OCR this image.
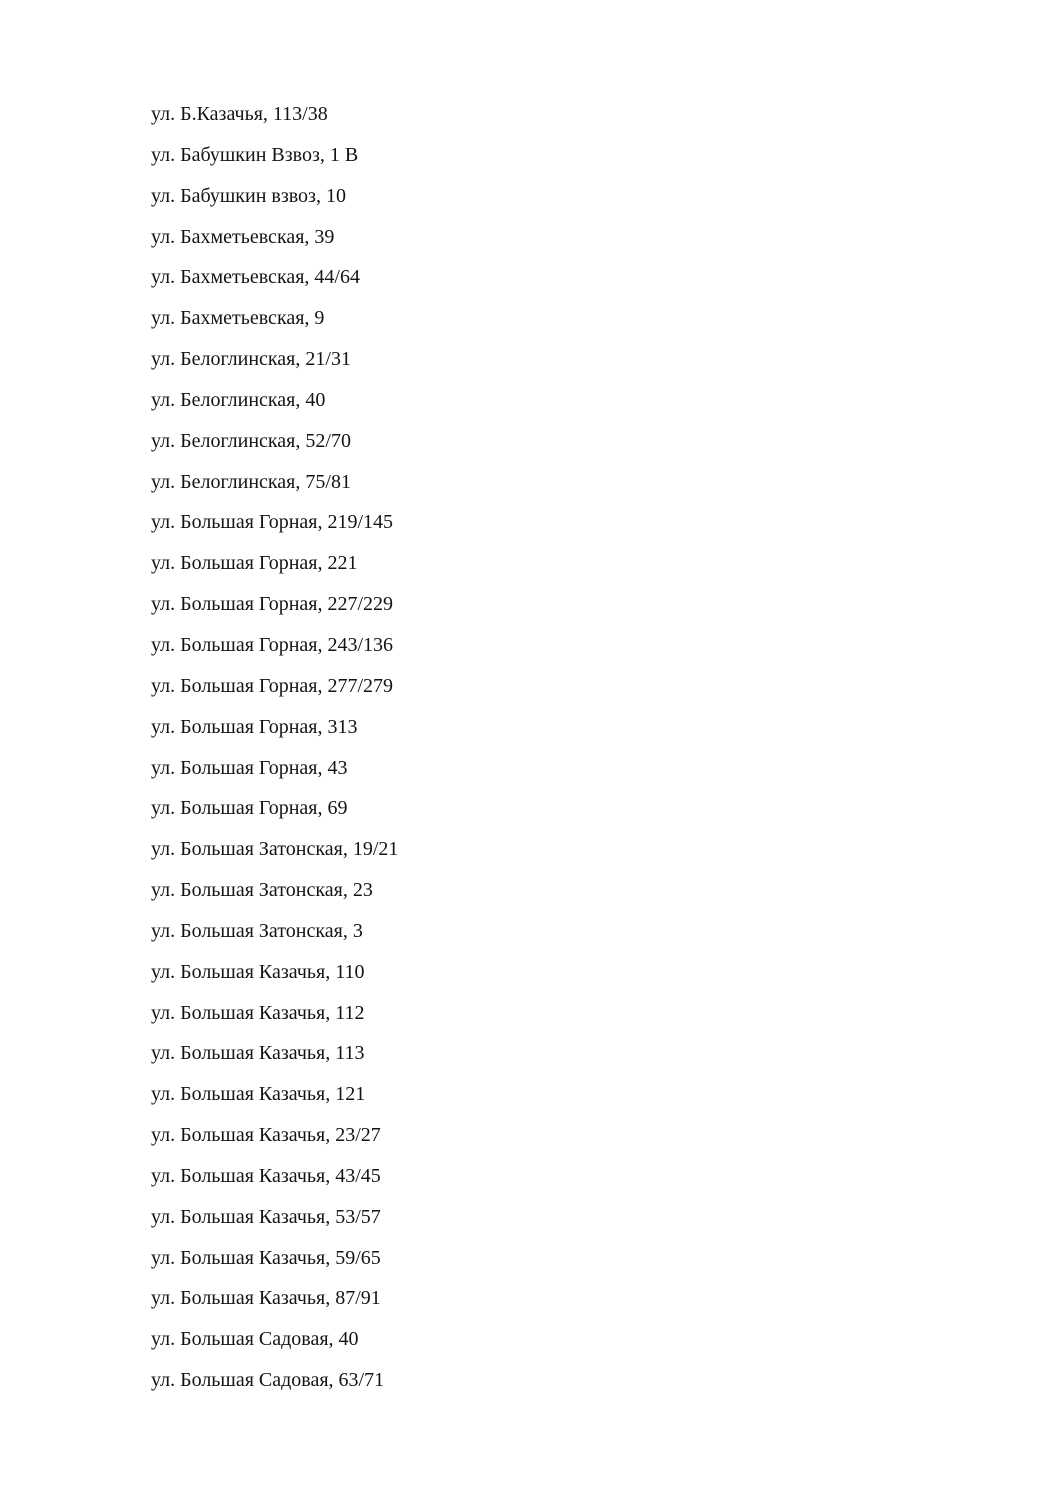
ул. Б.Казачья, 113/38
ул. Бабушкин Взвоз, 1 В
ул. Бабушкин взвоз, 10
ул. Бахметьевская, 39
ул. Бахметьевская, 44/64
ул. Бахметьевская, 9
ул. Белоглинская, 21/31
ул. Белоглинская, 40
ул. Белоглинская, 52/70
ул. Белоглинская, 75/81
ул. Большая Горная, 219/145
ул. Большая Горная, 221
ул. Большая Горная, 227/229
ул. Большая Горная, 243/136
ул. Большая Горная, 277/279
ул. Большая Горная, 313
ул. Большая Горная, 43
ул. Большая Горная, 69
ул. Большая Затонская, 19/21
ул. Большая Затонская, 23
ул. Большая Затонская, 3
ул. Большая Казачья, 110
ул. Большая Казачья, 112
ул. Большая Казачья, 113
ул. Большая Казачья, 121
ул. Большая Казачья, 23/27
ул. Большая Казачья, 43/45
ул. Большая Казачья, 53/57
ул. Большая Казачья, 59/65
ул. Большая Казачья, 87/91
ул. Большая Садовая, 40
ул. Большая Садовая, 63/71
